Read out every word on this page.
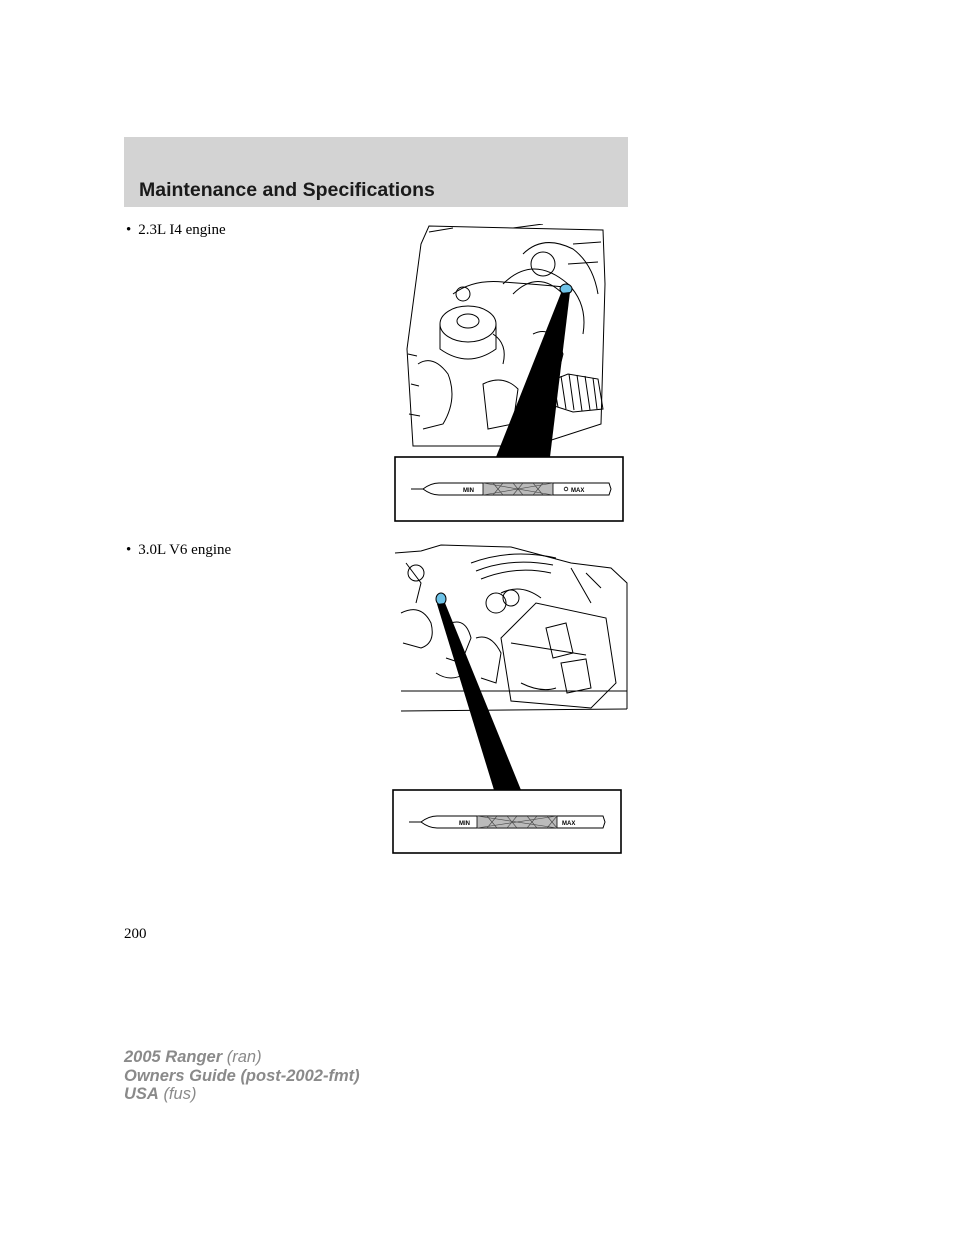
Maintenance and Specifications
• 2.3L I4 engine
MIN	MAX
• 3.0L V6 engine
MIN	MAX
200
2005 Ranger (ran)
Owners Guide (post-2002-fmt)
USA (fus)
